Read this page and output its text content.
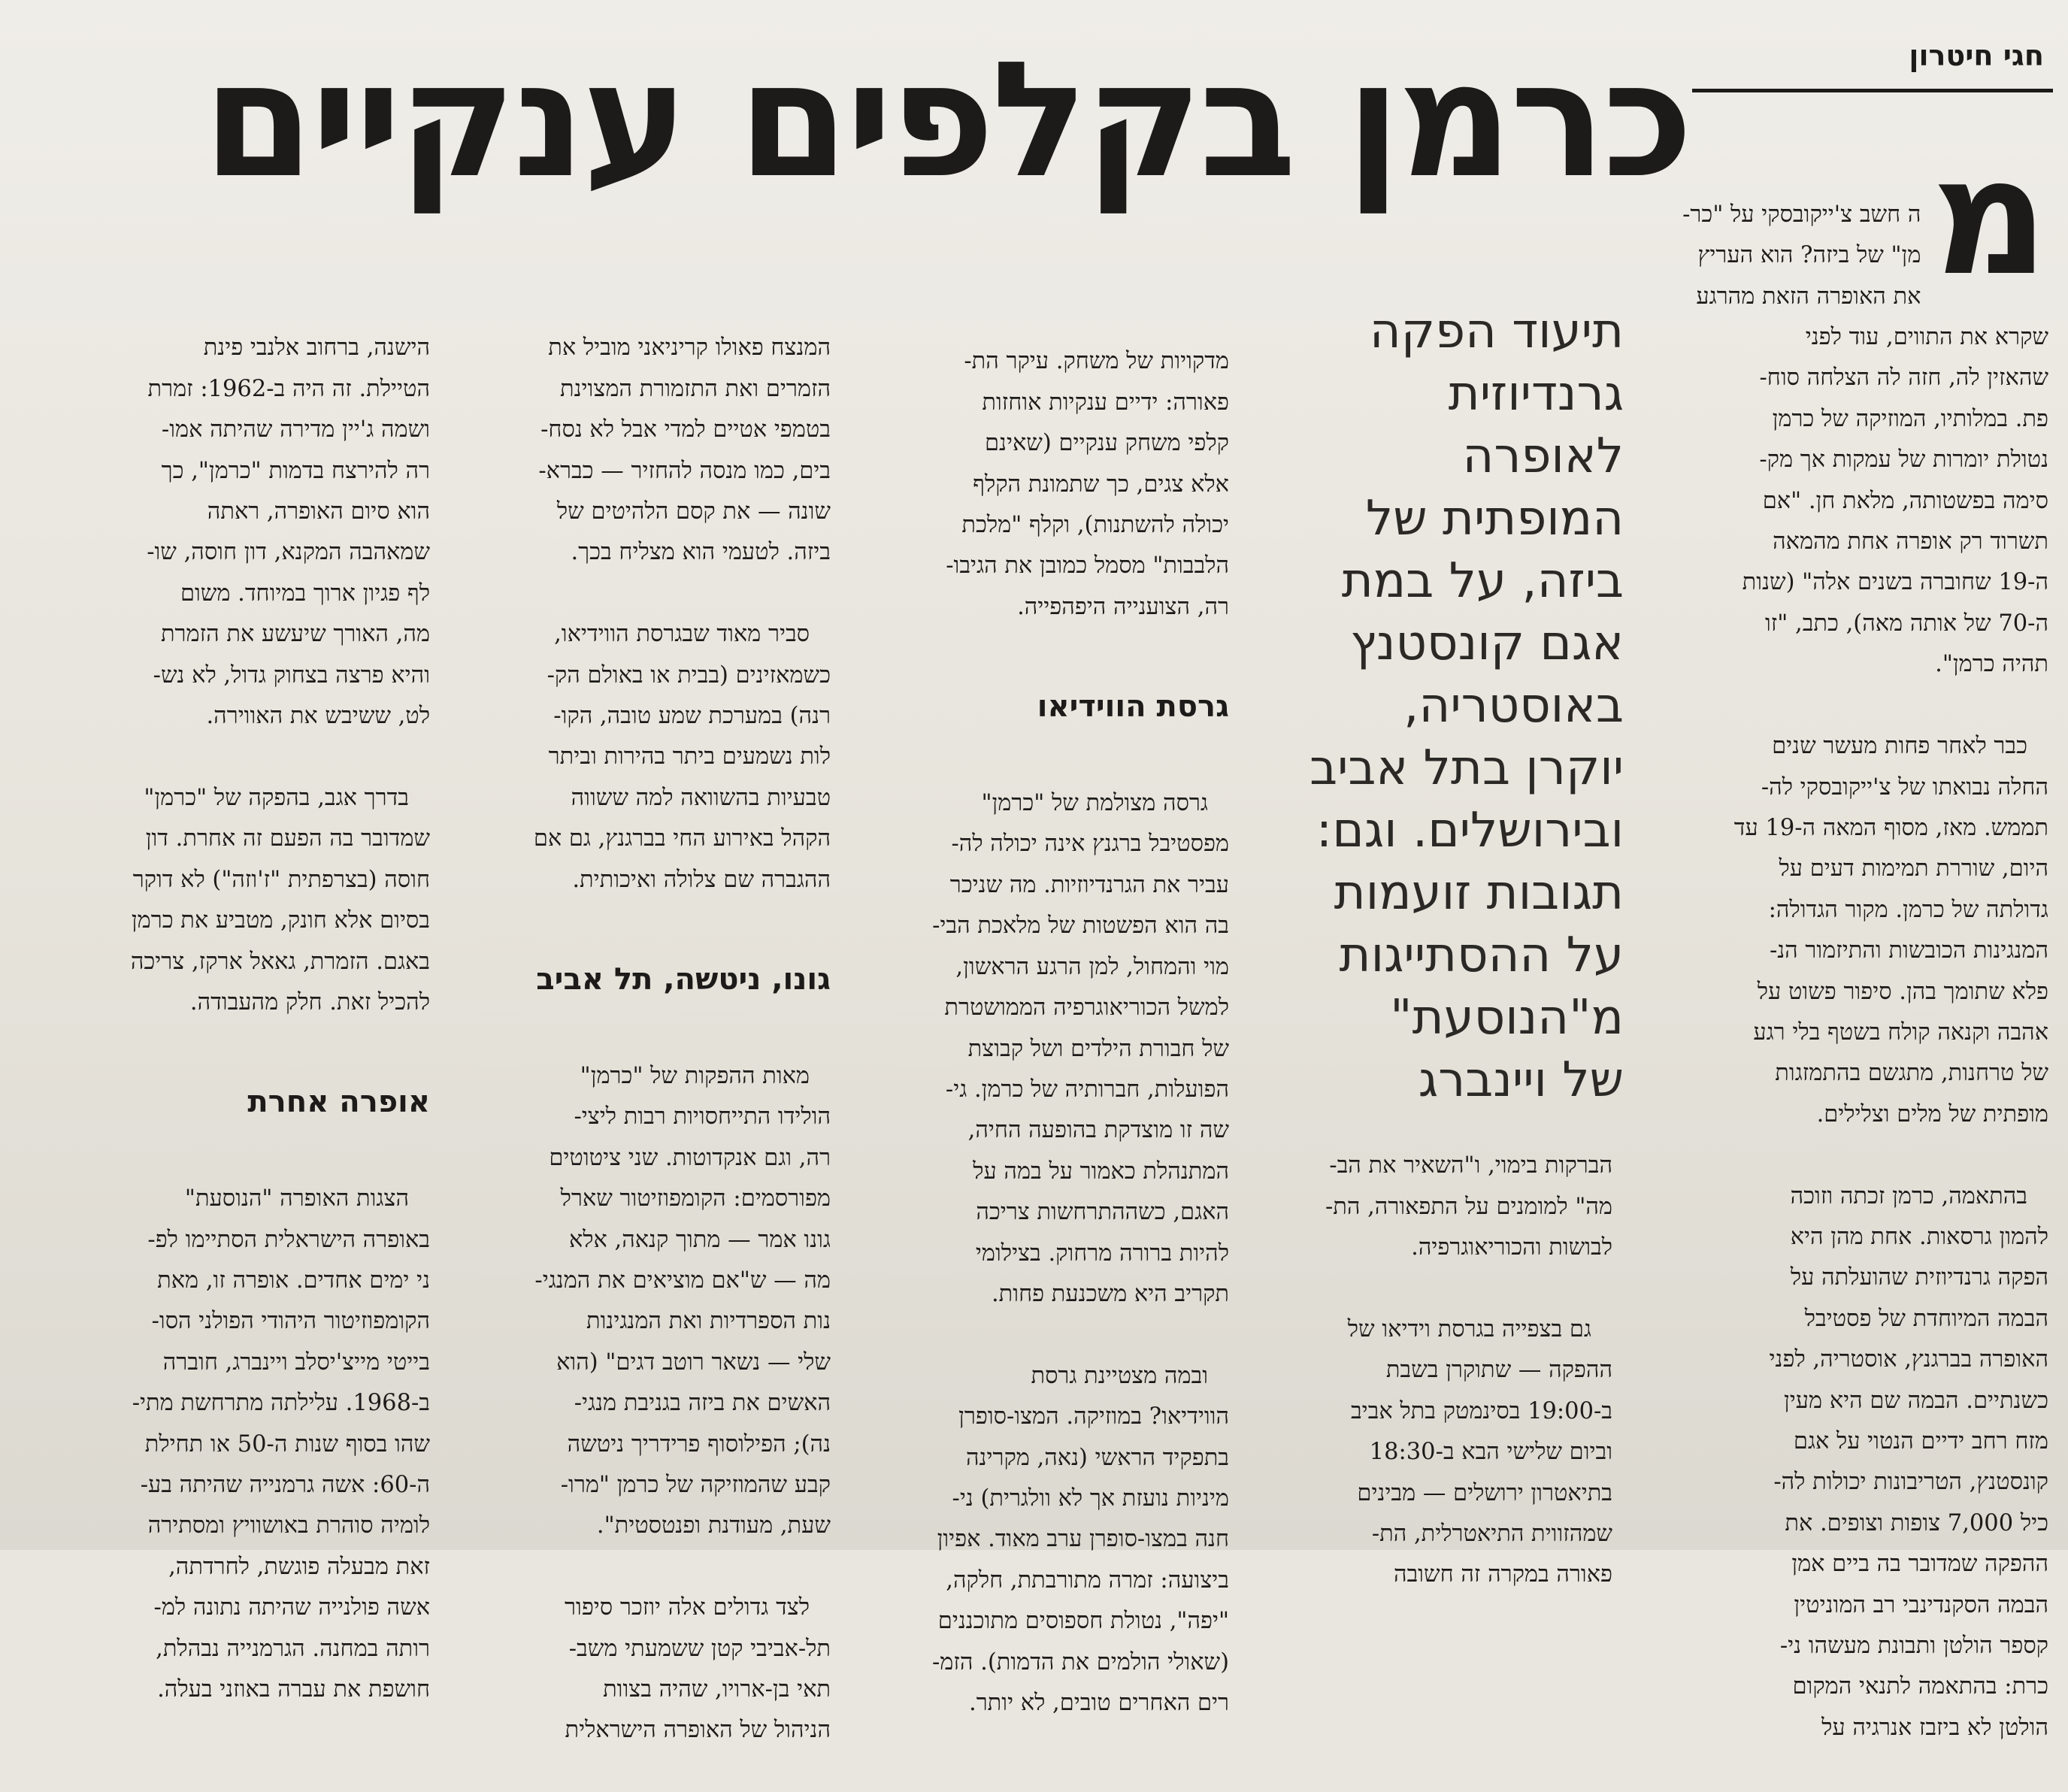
חגי חיטרון
כרמן בקלפים ענקיים

מ

ה חשב צ'ייקובסקי על "כר-
מן" של ביזה? הוא העריץ
את האופרה הזאת מהרגע
שקרא את התווים, עוד לפני
שהאזין לה, חזה לה הצלחה סוח-
פת. במלותיו, המוזיקה של כרמן
נטולת יומרות של עמקות אך מק-
סימה בפשטותה, מלאת חן. "אם
תשרוד רק אופרה אחת מהמאה
ה-19 שחוברה בשנים אלה" (שנות
ה-70 של אותה מאה), כתב, "זו
תהיה כרמן".

כבר לאחר פחות מעשר שנים
החלה נבואתו של צ'ייקובסקי לה-
תממש. מאז, מסוף המאה ה-19 עד
היום, שוררת תמימות דעים על
גדולתה של כרמן. מקור הגדולה:
המנגינות הכובשות והתיזמור הנ-
פלא שתומך בהן. סיפור פשוט על
אהבה וקנאה קולח בשטף בלי רגע
של טרחנות, מתגשם בהתמזגות
מופתית של מלים וצלילים.

בהתאמה, כרמן זכתה וזוכה
להמון גרסאות. אחת מהן היא
הפקה גרנדיוזית שהועלתה על
הבמה המיוחדת של פסטיבל
האופרה בברגנץ, אוסטריה, לפני
כשנתיים. הבמה שם היא מעין
מזח רחב ידיים הנטוי על אגם
קונסטנץ, הטריבונות יכולות לה-
כיל 7,000 צופות וצופים. את
ההפקה שמדובר בה ביים אמן
הבמה הסקנדינבי רב המוניטין
קספר הולטן ותבונת מעשהו ני-
כרת: בהתאמה לתנאי המקום
הולטן לא ביזבז אנרגיה על

תיעוד הפקה
גרנדיוזית
לאופרה
המופתית של
ביזה, על במת
אגם קונסטנץ
באוסטריה,
יוקרן בתל אביב
ובירושלים. וגם:
תגובות זועמות
על ההסתייגות
מ"הנוסעת"
של ויינברג

הברקות בימוי, ו"השאיר את הב-
מה" למומנים על התפאורה, הת-
לבושות והכוריאוגרפיה.

גם בצפייה בגרסת וידיאו של
ההפקה — שתוקרן בשבת
ב-19:00 בסינמטק בתל אביב
וביום שלישי הבא ב-18:30
בתיאטרון ירושלים — מבינים
שמהזווית התיאטרלית, הת-
פאורה במקרה זה חשובה

מדקויות של משחק. עיקר הת-
פאורה: ידיים ענקיות אוחזות
קלפי משחק ענקיים (שאינם
אלא צגים, כך שתמונת הקלף
יכולה להשתנות), וקלף "מלכת
הלבבות" מסמל כמובן את הגיבו-
רה, הצוענייה היפהפייה.

גרסת הווידיאו

גרסה מצולמת של "כרמן"
מפסטיבל ברגנץ אינה יכולה לה-
עביר את הגרנדיוזיות. מה שניכר
בה הוא הפשטות של מלאכת הבי-
מוי והמחול, למן הרגע הראשון,
למשל הכוריאוגרפיה הממושטרת
של חבורת הילדים ושל קבוצת
הפועלות, חברותיה של כרמן. גי-
שה זו מוצדקת בהופעה החיה,
המתנהלת כאמור על במה על
האגם, כשההתרחשות צריכה
להיות ברורה מרחוק. בצילומי
תקריב היא משכנעת פחות.

ובמה מצטיינת גרסת
הווידיאו? במוזיקה. המצו-סופרן
בתפקיד הראשי (נאה, מקרינה
מיניות נועזת אך לא וולגרית) ני-
חנה במצו-סופרן ערב מאוד. אפיון
ביצועה: זמרה מתורבתת, חלקה,
"יפה", נטולת חספוסים מתוכננים
(שאולי הולמים את הדמות). הזמ-
רים האחרים טובים, לא יותר.

המנצח פאולו קריניאני מוביל את
הזמרים ואת התזמורת המצוינת
בטמפי אטיים למדי אבל לא נסח-
בים, כמו מנסה להחזיר — כברא-
שונה — את קסם הלהיטים של
ביזה. לטעמי הוא מצליח בכך.

סביר מאוד שבגרסת הווידיאו,
כשמאזינים (בבית או באולם הק-
רנה) במערכת שמע טובה, הקו-
לות נשמעים ביתר בהירות וביתר
טבעיות בהשוואה למה ששווה
הקהל באירוע החי בברגנץ, גם אם
ההגברה שם צלולה ואיכותית.

גונו, ניטשה, תל אביב

מאות ההפקות של "כרמן"
הולידו התייחסויות רבות ליצי-
רה, וגם אנקדוטות. שני ציטוטים
מפורסמים: הקומפוזיטור שארל
גונו אמר — מתוך קנאה, אלא
מה — ש"אם מוציאים את המנגי-
נות הספרדיות ואת המנגינות
שלי — נשאר רוטב דגים" (הוא
האשים את ביזה בגניבת מנגי-
נה); הפילוסוף פרידריך ניטשה
קבע שהמוזיקה של כרמן "מרו-
שעת, מעודנת ופנטסטית".

לצד גדולים אלה יוזכר סיפור
תל-אביבי קטן ששמעתי משב-
תאי בן-ארויו, שהיה בצוות
הניהול של האופרה הישראלית

הישנה, ברחוב אלנבי פינת
הטיילת. זה היה ב-1962: זמרת
ושמה ג'יין מדירה שהיתה אמו-
רה להירצח בדמות "כרמן", כך
הוא סיום האופרה, ראתה
שמאהבה המקנא, דון חוסה, שו-
לף פגיון ארוך במיוחד. משום
מה, האורך שיעשע את הזמרת
והיא פרצה בצחוק גדול, לא נש-
לט, ששיבש את האווירה.

בדרך אגב, בהפקה של "כרמן"
שמדובר בה הפעם זה אחרת. דון
חוסה (בצרפתית "ז'וזה") לא דוקר
בסיום אלא חונק, מטביע את כרמן
באגם. הזמרת, גאאל ארקז, צריכה
להכיל זאת. חלק מהעבודה.

אופרה אחרת

הצגות האופרה "הנוסעת"
באופרה הישראלית הסתיימו לפ-
ני ימים אחדים. אופרה זו, מאת
הקומפוזיטור היהודי הפולני הסו-
בייטי מייצ'יסלב ויינברג, חוברה
ב-1968. עלילתה מתרחשת מתי-
שהו בסוף שנות ה-50 או תחילת
ה-60: אשה גרמנייה שהיתה בע-
לומיה סוהרת באושוויץ ומסתירה
זאת מבעלה פוגשת, לחרדתה,
אשה פולנייה שהיתה נתונה למ-
רותה במחנה. הגרמנייה נבהלת,
חושפת את עברה באוזני בעלה.
